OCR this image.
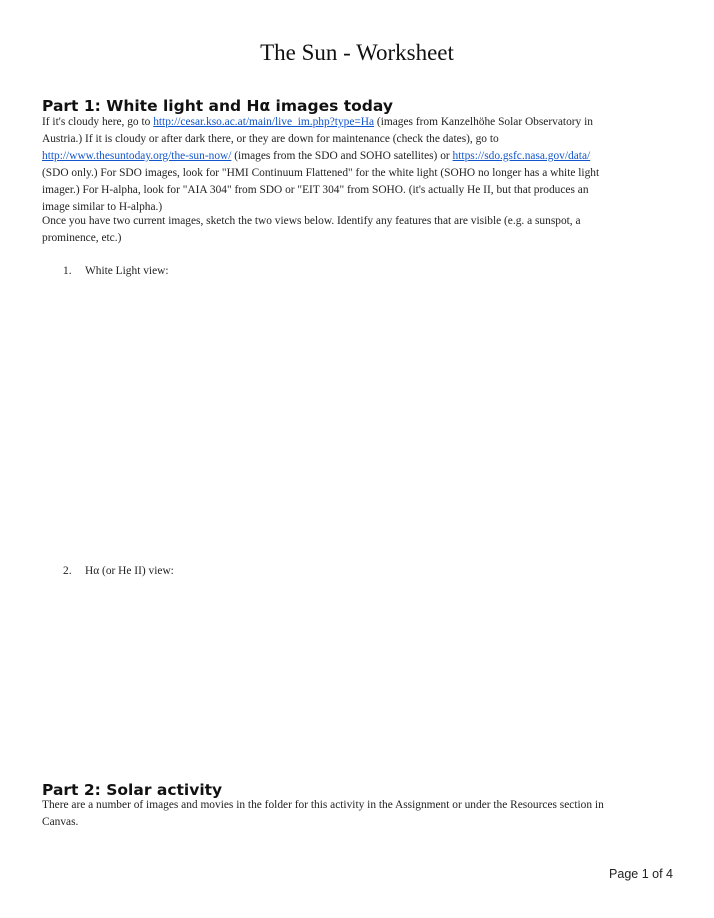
The Sun - Worksheet
Part 1: White light and Hα images today
If it's cloudy here, go to http://cesar.kso.ac.at/main/live_im.php?type=Ha (images from Kanzelhöhe Solar Observatory in
Austria.) If it is cloudy or after dark there, or they are down for maintenance (check the dates), go to
http://www.thesuntoday.org/the-sun-now/ (images from the SDO and SOHO satellites) or https://sdo.gsfc.nasa.gov/data/
(SDO only.) For SDO images, look for "HMI Continuum Flattened" for the white light (SOHO no longer has a white light
imager.) For H-alpha, look for "AIA 304" from SDO or "EIT 304" from SOHO. (it's actually He II, but that produces an
image similar to H-alpha.)
Once you have two current images, sketch the two views below. Identify any features that are visible (e.g. a sunspot, a
prominence, etc.)
1. White Light view:
2. Hα (or He II) view:
Part 2: Solar activity
There are a number of images and movies in the folder for this activity in the Assignment or under the Resources section in
Canvas.
Page 1 of 4
